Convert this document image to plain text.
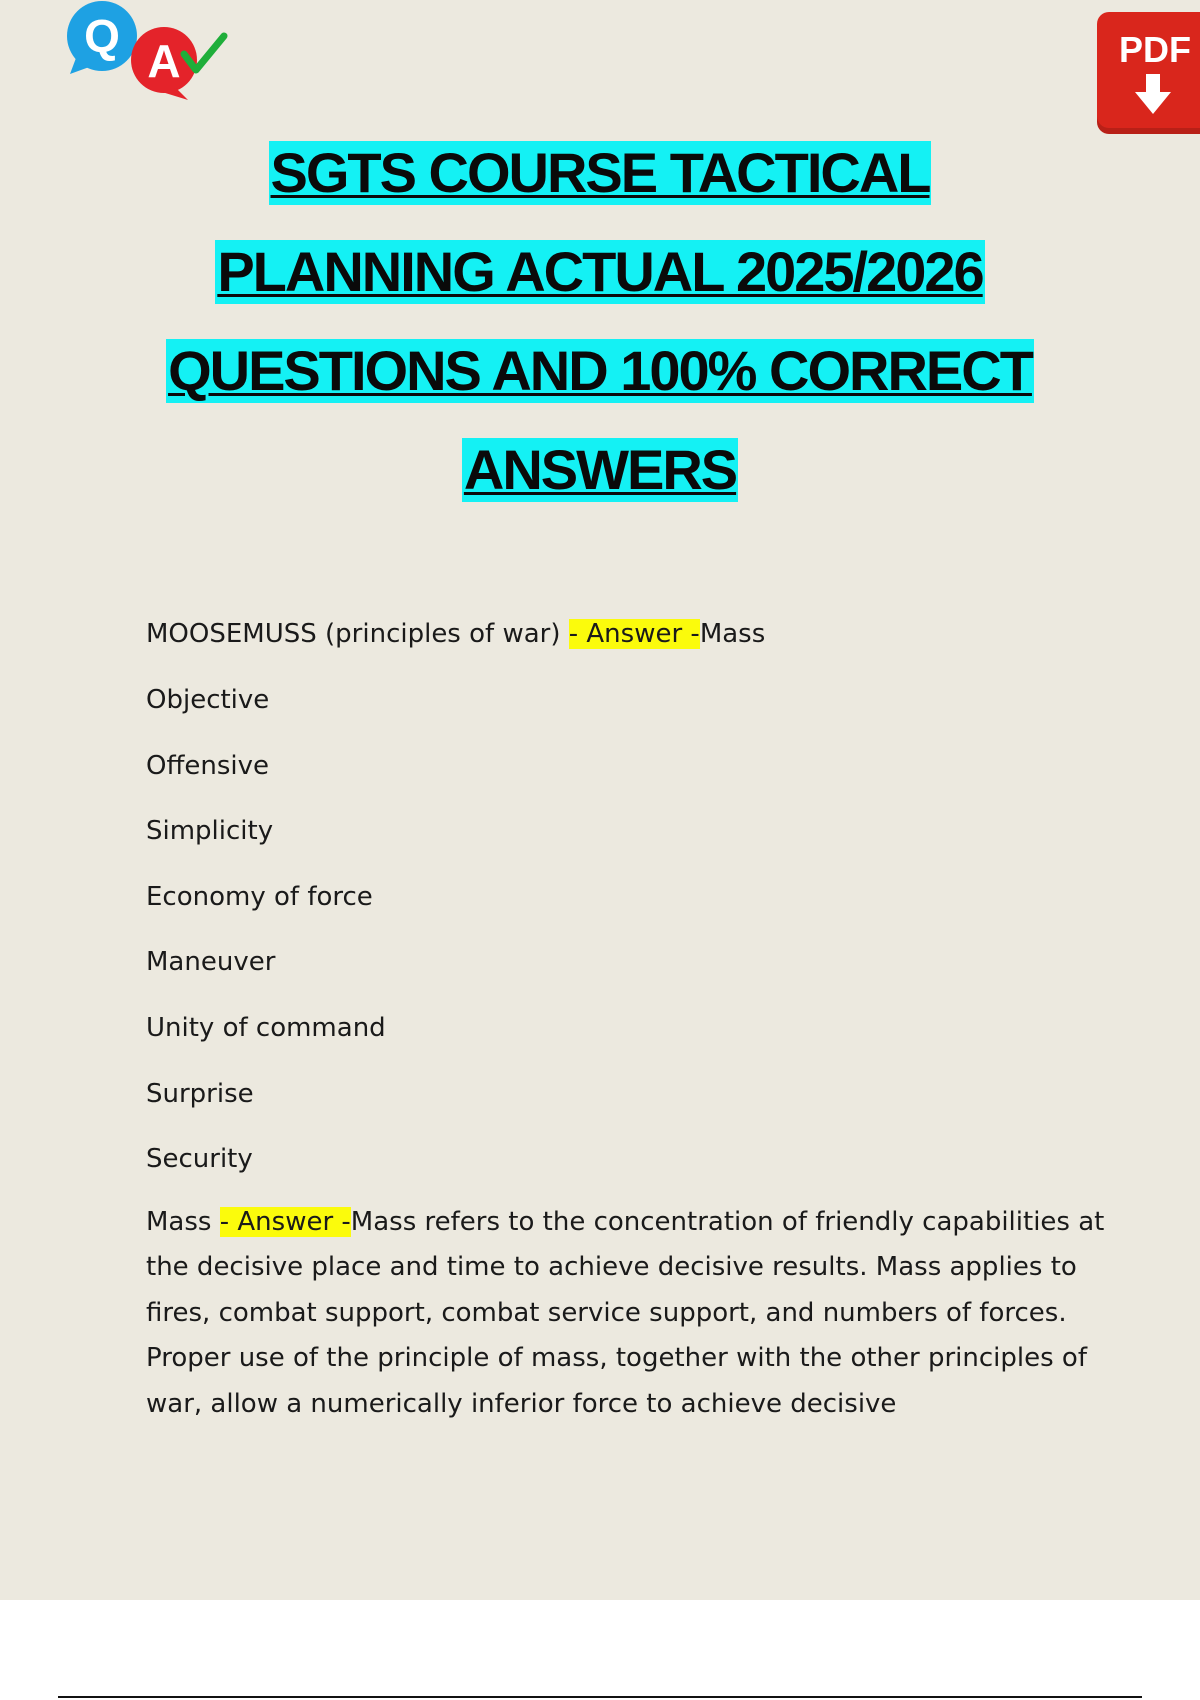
Q A	PDF
SGTS COURSE TACTICAL
PLANNING ACTUAL 2025/2026
QUESTIONS AND 100% CORRECT
ANSWERS
MOOSEMUSS (principles of war) - Answer -Mass
Objective
Offensive
Simplicity
Economy of force
Maneuver
Unity of command
Surprise
Security
Mass - Answer -Mass refers to the concentration of friendly capabilities at the decisive place and time to achieve decisive results. Mass applies to fires, combat support, combat service support, and numbers of forces. Proper use of the principle of mass, together with the other principles of war, allow a numerically inferior force to achieve decisive
